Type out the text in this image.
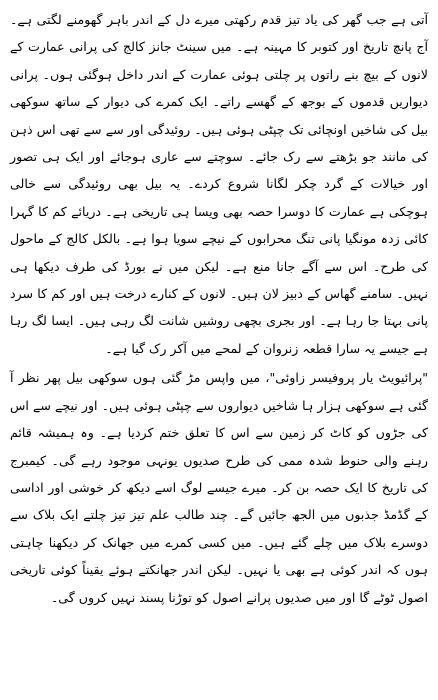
آتی ہے جب گھر کی یاد تیز قدم رکھتی میرے دل کے اندر باہر گھومنے لگتی ہے۔ آج پانچ تاریخ اور کتوبر کا مہینہ ہے۔ میں سینٹ جانز کالج کی پرانی عمارت کے لانوں کے بیچ بنے راتوں پر چلتی ہوئی عمارت کے اندر داخل ہوگئی ہوں۔ پرانی دیواریں قدموں کے بوجھ کے گھسے راتے۔ ایک کمرے کی دیوار کے ساتھ سوکھی بیل کی شاخیں اونچائی تک چپٹی ہوئی ہیں۔ روئیدگی اور سے سے تھی اس ذہن کی مانند جو بڑھتے سے رک جائے۔ سوچتے سے عاری ہوجائے اور ایک ہی تصور اور خیالات کے گرد چکر لگانا شروع کردے۔ یہ بیل بھی روئیدگی سے خالی ہوچکی ہے عمارت کا دوسرا حصہ بھی ویسا ہی تاریخی ہے۔ دریائے کم کا گہرا کائی زدہ مونگیا پانی تنگ محرابوں کے نیچے سویا ہوا ہے۔ بالکل کالج کے ماحول کی طرح۔ اس سے آگے جانا منع ہے۔ لیکن میں نے بورڈ کی طرف دیکھا ہی نہیں۔ سامنے گھاس کے دبیز لان ہیں۔ لانوں کے کنارے درخت ہیں اور کم کا سرد پانی بہتا جا رہا ہے۔ اور بجری بچھی روشیں شانت لگ رہی ہیں۔ ایسا لگ رہا ہے جیسے یہ سارا قطعہ زنروان کے لمحے میں آکر رک گیا ہے۔

"پرائیویٹ یار پروفیسر زاوئی"، میں واپس مڑ گئی ہوں سوکھی بیل پھر نظر آ گئی ہے سوکھی ہزار ہا شاخیں دیواروں سے چپٹی ہوئی ہیں۔ اور نیچے سے اس کی جڑوں کو کاٹ کر زمین سے اس کا تعلق ختم کردیا ہے۔ وہ ہمیشہ قائم رہنے والی حنوط شدہ ممی کی طرح صدیوں یونہی موجود رہے گی۔ کیمبرج کی تاریخ کا ایک حصہ بن کر۔ میرے جیسے لوگ اسے دیکھ کر خوشی اور اداسی کے گڈمڈ جذبوں میں الجھ جائیں گے۔ چند طالب علم تیز تیز چلتے ایک بلاک سے دوسرے بلاک میں چلے گئے ہیں۔ میں کسی کمرے میں جھانک کر دیکھنا چاہتی ہوں کہ اندر کوئی ہے بھی یا نہیں۔ لیکن اندر جھانکتے ہوئے یقیناً کوئی تاریخی اصول ٹوٹے گا اور میں صدیوں پرانے اصول کو توڑنا پسند نہیں کروں گی۔
